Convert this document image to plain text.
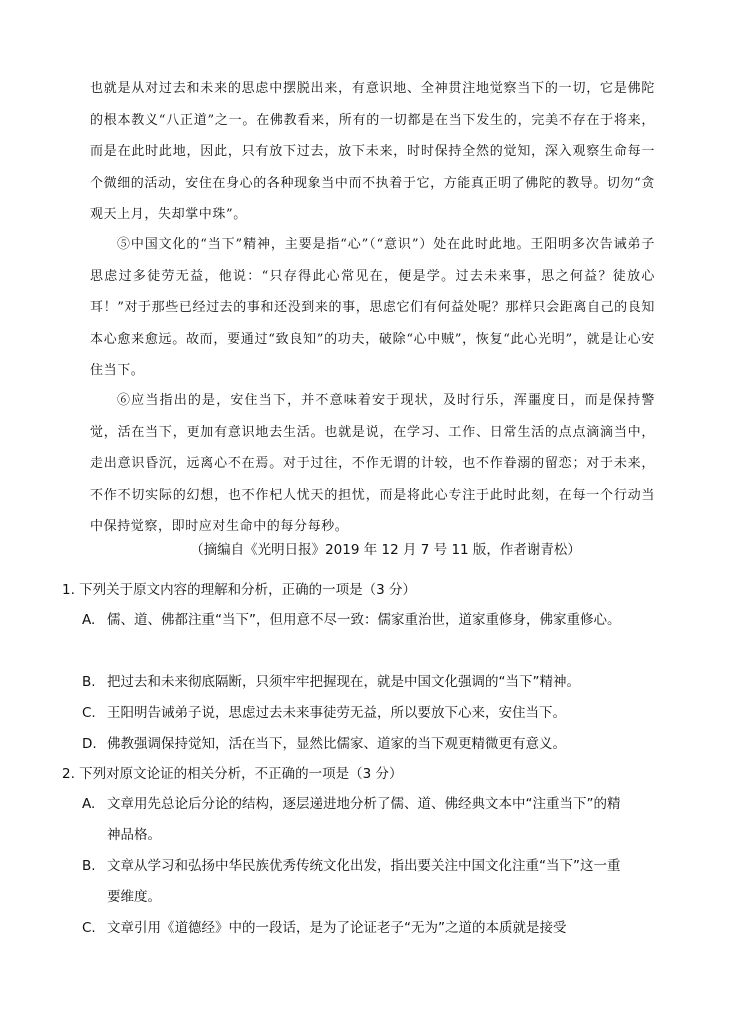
也就是从对过去和未来的思虑中摆脱出来，有意识地、全神贯注地觉察当下的一切，它是佛陀的根本教义“八正道”之一。在佛教看来，所有的一切都是在当下发生的，完美不存在于将来，而是在此时此地，因此，只有放下过去，放下未来，时时保持全然的觉知，深入观察生命每一个微细的活动，安住在身心的各种现象当中而不执着于它，方能真正明了佛陀的教导。切勿“贪观天上月，失却掌中珠”。
⑤中国文化的“当下”精神，主要是指“心”（“意识”）处在此时此地。王阳明多次告诫弟子思虑过多徒劳无益，他说：“只存得此心常见在，便是学。过去未来事，思之何益？徒放心耳！”对于那些已经过去的事和还没到来的事，思虑它们有何益处呢？那样只会距离自己的良知本心愈来愈远。故而，要通过“致良知”的功夫，破除“心中贼”，恢复“此心光明”，就是让心安住当下。
⑥应当指出的是，安住当下，并不意味着安于现状，及时行乐，浑噩度日，而是保持警觉，活在当下，更加有意识地去生活。也就是说，在学习、工作、日常生活的点点滴滴当中，走出意识昏沉，远离心不在焉。对于过往，不作无谓的计较，也不作眷溺的留恋；对于未来，不作不切实际的幻想，也不作杞人忧天的担忧，而是将此心专注于此时此刻，在每一个行动当中保持觉察，即时应对生命中的每分每秒。
（摘编自《光明日报》2019 年 12 月 7 号 11 版，作者谢青松）
1. 下列关于原文内容的理解和分析，正确的一项是（3 分）
A. 儒、道、佛都注重“当下”，但用意不尽一致：儒家重治世，道家重修身，佛家重修心。
B. 把过去和未来彻底隔断，只须牢牢把握现在，就是中国文化强调的“当下”精神。
C. 王阳明告诫弟子说，思虑过去未来事徒劳无益，所以要放下心来，安住当下。
D. 佛教强调保持觉知，活在当下，显然比儒家、道家的当下观更精微更有意义。
2. 下列对原文论证的相关分析，不正确的一项是（3 分）
A. 文章用先总论后分论的结构，逐层递进地分析了儒、道、佛经典文本中“注重当下”的精神品格。
B. 文章从学习和弘扬中华民族优秀传统文化出发，指出要关注中国文化注重“当下”这一重要维度。
C. 文章引用《道德经》中的一段话，是为了论证老子“无为”之道的本质就是接受
